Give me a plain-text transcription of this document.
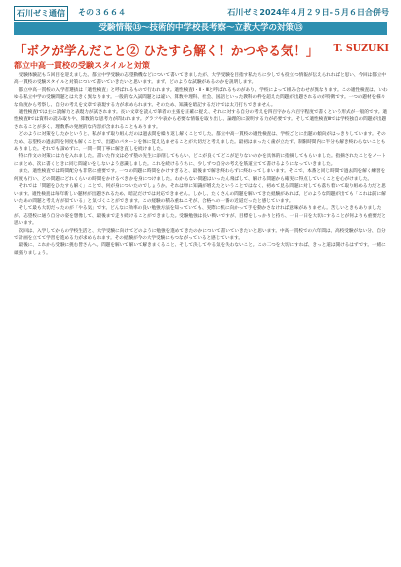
石川ゼミ通信	その３６６４	石川ゼミ2024年４月２９日-５月６日合併号
受験情報⑬～技術的中学校長考察～立教大学の対策⑬
「ボクが学んだこと② ひたすら解く！かつやる気！」 T. SUZUKI
都立中高一貫校の受験スタイルと対策

受験体験記も５回目を迎えました。都立中学受験の志望動機などについて書いてきましたが、大学受験を目指す私たちに少しでも役立つ情報が伝えられればと思い、今回は都立中高一貫校の受験スタイルと対策について書いていきたいと思います。まず、どのような試験があるのかを説明します。

都立中高一貫校の入学者選抜は「適性検査」と呼ばれるもので行われます。適性検査Ⅰ・Ⅱ・Ⅲと呼ばれるものがあり、学校によって組み合わせが異なります。この適性検査は、いわゆる私立中学の受験問題とは大きく異なります。一般的な入試問題とは違い、算数や理科、社会、国語といった教科の枠を超えた問題が出題されるのが特徴です。一つの題材を様々な角度から考察し、自分の考えを文章で表現する力が求められます。そのため、知識を暗記するだけでは太刀打ちできません。

適性検査Ⅰでは主に読解力と表現力が試されます。長い文章を読んで筆者の主張を正確に捉え、それに対する自分の考えを四百字から六百字程度で書くという形式が一般的です。適性検査Ⅱでは資料の読み取りや、算数的な思考力が問われます。グラフや表から必要な情報を取り出し、論理的に説明する力が必要です。そして適性検査Ⅲでは学校独自の問題が出題されることが多く、理数系の発展的な内容が含まれることもあります。

どのように対策をしたかというと、私がまず取り組んだのは過去問を繰り返し解くことでした。都立中高一貫校の適性検査は、学校ごとに出題の傾向がはっきりしています。そのため、志望校の過去問を何度も解くことで、出題のパターンを体に覚え込ませることが大切だと考えました。最初はまったく歯が立たず、制限時間内に半分も解き終わらないこともありました。それでも諦めずに、一問一問丁寧に解き直しを続けました。

特に作文の対策には力を入れました。書いた作文は必ず塾の先生に添削してもらい、どこが良くてどこが足りないのかを具体的に指摘してもらいました。指摘されたことをノートにまとめ、次に書くときに同じ間違いをしないよう意識しました。これを続けるうちに、少しずつ自分の考えを筋道立てて書けるようになっていきました。

また、適性検査では時間配分も非常に重要です。一つの問題に時間をかけすぎると、最後まで解き終わらずに終わってしまいます。そこで、本番と同じ時間で過去問を解く練習を何度も行い、どの問題にどれくらいの時間をかけるべきかを身につけました。わからない問題はいったん飛ばして、解ける問題から確実に得点していくことを心がけました。

それでは「問題をひたすら解く」ことで、何が身についたのでしょうか。それは単に知識が増えたということではなく、初めて見る問題に対しても落ち着いて取り組める力だと思います。適性検査は毎年新しい題材が出題されるため、暗記だけでは対応できません。しかし、たくさんの問題を解いてきた経験があれば、どのような問題が出ても「これは前に解いたあの問題と考え方が似ている」と気づくことができます。この経験の積み重ねこそが、合格への一番の近道だったと感じています。

そして最も大切だったのが「やる気」です。どんなに効率の良い勉強方法を知っていても、実際に机に向かって手を動かさなければ意味がありません。苦しいときもありましたが、志望校に通う自分の姿を想像して、最後まで走り続けることができました。受験勉強は長い戦いですが、目標をしっかりと持ち、一日一日を大切にすることが何よりも重要だと思います。

次回は、入学してからの学校生活と、大学受験に向けてどのように勉強を進めてきたのかについて書いていきたいと思います。中高一貫校での六年間は、高校受験がない分、自分で計画を立てて学習を進める力が求められます。その経験が今の大学受験にもつながっていると感じています。

最後に、これから受験に挑む皆さんへ。問題を解いて解いて解きまくること、そして決してやる気を失わないこと。この二つを大切にすれば、きっと道は開けるはずです。一緒に頑張りましょう。
